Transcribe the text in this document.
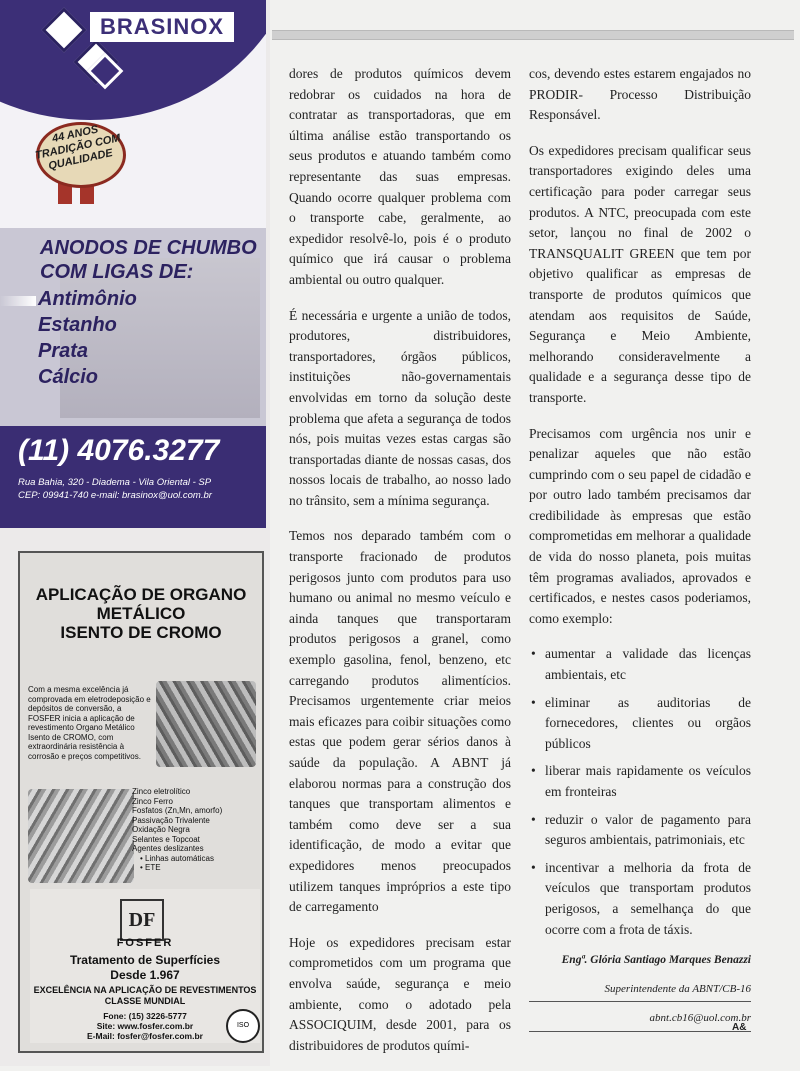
BRASINOX
44 ANOS TRADIÇÃO COM QUALIDADE
ANODOS DE CHUMBO
COM LIGAS DE:
Antimônio
Estanho
Prata
Cálcio
(11) 4076.3277
Rua Bahia, 320 - Diadema - Vila Oriental - SP
CEP: 09941-740 e-mail: brasinox@uol.com.br
APLICAÇÃO DE ORGANO
METÁLICO
ISENTO DE CROMO
Com a mesma excelência já comprovada em eletrodeposição e depósitos de conversão, a FOSFER inicia a aplicação de revestimento Organo Metálico Isento de CROMO, com extraordinária resistência à corrosão e preços competitivos.
Zinco eletrolítico
Zinco Ferro
Fosfatos (Zn,Mn, amorfo)
Passivação Trivalente
Oxidação Negra
Selantes e Topcoat
Agentes deslizantes
• Linhas automáticas
• ETE
DF
FOSFER
Tratamento de Superfícies
Desde 1.967
EXCELÊNCIA NA APLICAÇÃO DE REVESTIMENTOS
CLASSE MUNDIAL
Fone: (15) 3226-5777
Site: www.fosfer.com.br
E-Mail: fosfer@fosfer.com.br
ISO

dores de produtos químicos devem redobrar os cuidados na hora de contratar as transportadoras, que em última análise estão transportando os seus produtos e atuando também como representante das suas empresas. Quando ocorre qualquer problema com o transporte cabe, geralmente, ao expedidor resolvê-lo, pois é o produto químico que irá causar o problema ambiental ou outro qualquer.

É necessária e urgente a união de todos, produtores, distribuidores, transportadores, órgãos públicos, instituições não-governamentais envolvidas em torno da solução deste problema que afeta a segurança de todos nós, pois muitas vezes estas cargas são transportadas diante de nossas casas, dos nossos locais de trabalho, ao nosso lado no trânsito, sem a mínima segurança.

Temos nos deparado também com o transporte fracionado de produtos perigosos junto com produtos para uso humano ou animal no mesmo veículo e ainda tanques que transportaram produtos perigosos a granel, como exemplo gasolina, fenol, benzeno, etc carregando produtos alimentícios. Precisamos urgentemente criar meios mais eficazes para coibir situações como estas que podem gerar sérios danos à saúde da população. A ABNT já elaborou normas para a construção dos tanques que transportam alimentos e também como deve ser a sua identificação, de modo a evitar que expedidores menos preocupados utilizem tanques impróprios a este tipo de carregamento

Hoje os expedidores precisam estar comprometidos com um programa que envolva saúde, segurança e meio ambiente, como o adotado pela ASSOCIQUIM, desde 2001, para os distribuidores de produtos quími-

cos, devendo estes estarem engajados no PRODIR- Processo Distribuição Responsável.

Os expedidores precisam qualificar seus transportadores exigindo deles uma certificação para poder carregar seus produtos. A NTC, preocupada com este setor, lançou no final de 2002 o TRANSQUALIT GREEN que tem por objetivo qualificar as empresas de transporte de produtos químicos que atendam aos requisitos de Saúde, Segurança e Meio Ambiente, melhorando consideravelmente a qualidade e a segurança desse tipo de transporte.

Precisamos com urgência nos unir e penalizar aqueles que não estão cumprindo com o seu papel de cidadão e por outro lado também precisamos dar credibilidade às empresas que estão comprometidas em melhorar a qualidade de vida do nosso planeta, pois muitas têm programas avaliados, aprovados e certificados, e nestes casos poderiamos, como exemplo:

• aumentar a validade das licenças ambientais, etc
• eliminar as auditorias de fornecedores, clientes ou orgãos públicos
• liberar mais rapidamente os veículos em fronteiras
• reduzir o valor de pagamento para seguros ambientais, patrimoniais, etc
• incentivar a melhoria da frota de veículos que transportam produtos perigosos, a semelhança do que ocorre com a frota de táxis.
Engª. Glória Santiago Marques Benazzi
Superintendente da ABNT/CB-16
abnt.cb16@uol.com.br
A&
